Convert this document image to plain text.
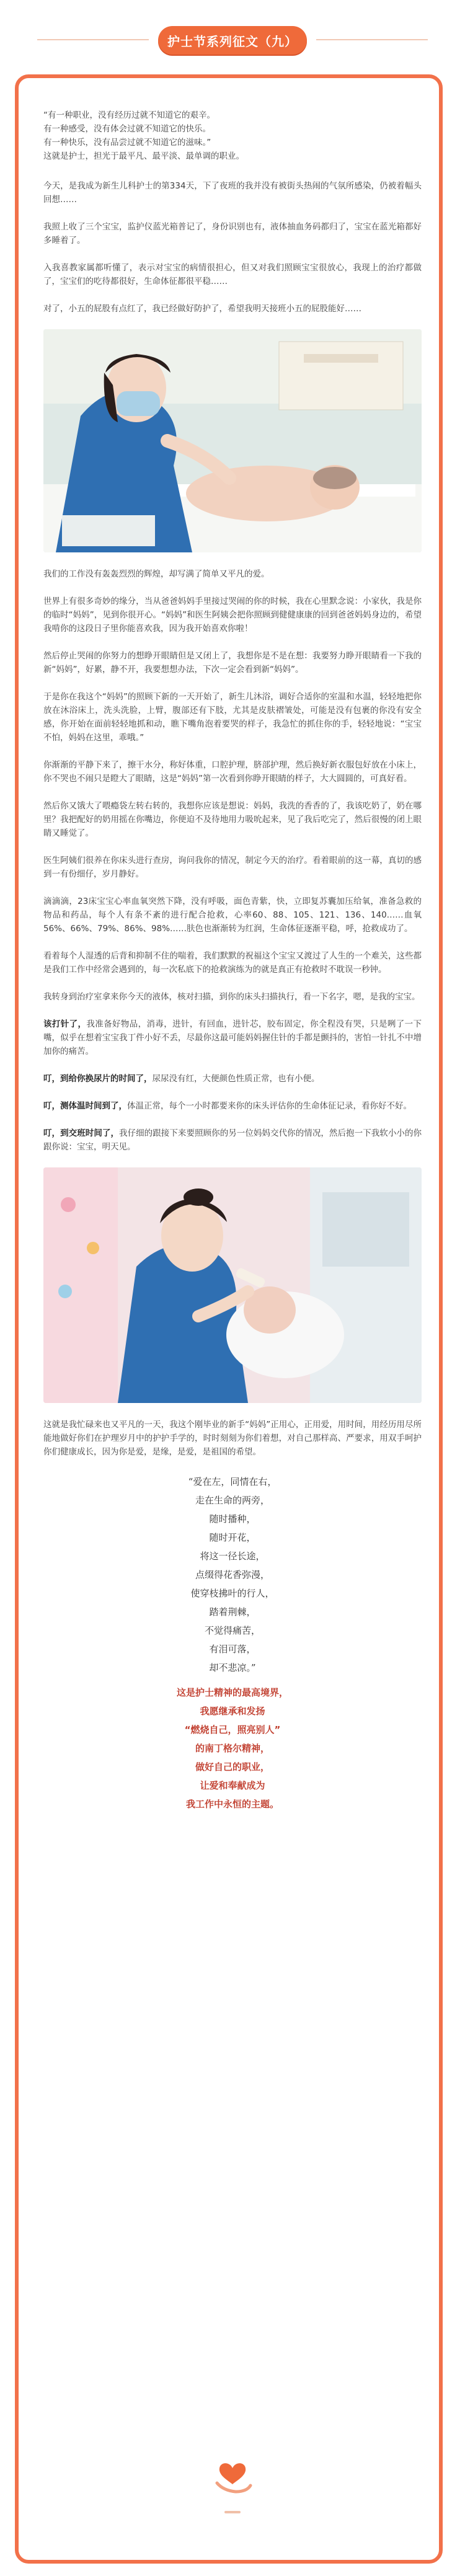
护士节系列征文（九）

“有一种职业，没有经历过就不知道它的艰辛。

有一种感受，没有体会过就不知道它的快乐。

有一种快乐，没有品尝过就不知道它的滋味。”

这就是护士，担光于最平凡、最平淡、最单调的职业。

今天，是我成为新生儿科护士的第334天，下了夜班的我并没有被街头热闹的气氛所感染，仍被着幅头回想……

我照上收了三个宝宝，监护仪蓝光箱普记了，身份识别也有，液体抽血务码都归了，宝宝在蓝光箱都好多睡着了。

入我喜教家属都听懂了，表示对宝宝的病情很担心，但又对我们照顾宝宝很放心，我现上的治疗都做了，宝宝们的吃待都很好，生命体征都很平稳……

对了，小五的屁股有点红了，我已经做好防护了，希望我明天接班小五的屁股能好……

我们的工作没有轰轰烈烈的辉煌，却写满了简单又平凡的爱。

世界上有很多奇妙的缘分，当从爸爸妈妈手里接过哭闹的你的时候，我在心里默念说：小家伙，我是你的临时“妈妈”，见到你很开心。“妈妈”和医生阿姨会把你照顾到健健康康的回到爸爸妈妈身边的，希望我啃你的这段日子里你能喜欢我，因为我开始喜欢你啦！

然后停止哭闹的你努力的想睁开眼睛但是又闭上了，我想你是不是在想：我要努力睁开眼睛看一下我的新“妈妈”，好累，静不开，我要想想办法，下次一定会看到新“妈妈”。

于是你在我这个“妈妈”的照顾下新的一天开始了，新生儿沐浴，调好合适你的室温和水温，轻轻地把你放在沐浴床上，洗头洗脸，上臂，腹部还有下肢，尤其是皮肤褶皱处，可能是没有包裹的你没有安全感，你开始在面前轻轻地抓和动，瞧下嘴角泡着要哭的样子，我急忙的抓住你的手，轻轻地说：“宝宝不怕，妈妈在这里，乖哦。”

你渐渐的平静下来了，擦干水分，称好体重，口腔护理，脐部护理，然后换好新衣服包好放在小床上，你不哭也不闹只是瞪大了眼睛，这是“妈妈”第一次看到你睁开眼睛的样子，大大圆圆的，可真好看。

然后你又饿大了喂瘾袋左转右转的，我想你应该是想说：妈妈，我洗的香香的了，我该吃奶了，奶在哪里？我把配好的奶用摇在你嘴边，你便迫不及待地用力吸吮起来，见了我后吃完了，然后很慢的闭上眼睛又睡觉了。

医生阿姨们很养在你床头进行查房，询问我你的情况，制定今天的治疗。看着眼前的这一幕，真切的感到一有份细仔，岁月静好。

滴滴滴，23床宝宝心率血氧突然下降，没有呼吸，面色青紫，快，立即复苏囊加压给氧，准备急救的物品和药品，每个人有条不紊的进行配合抢救，心率60、88、105、121、136、140……血氧56%、66%、79%、86%、98%……肤色也渐渐转为红润，生命体征逐渐平稳，呼，抢救成功了。

看着每个人湿透的后背和抑制不住的喘着，我们默默的祝福这个宝宝又渡过了人生的一个难关，这些都是我们工作中经常会遇到的，每一次私底下的抢救演练为的就是真正有抢救时不耽误一秒钟。

我转身到治疗室拿来你今天的液体，核对扫描，到你的床头扫描执行，看一下名字，嗯，是我的宝宝。

该打针了，我准备好物品，消毒，进针，有回血，进针芯，胶布固定，你全程没有哭，只是咧了一下嘴，似乎在想着宝宝我丁件小好不丢，尽最你这最可能妈妈握住针的手都是颤抖的，害怕一针扎不中增加你的痛苦。

叮，到给你换尿片的时间了，尿尿没有红，大便颜色性质正常，也有小便。

叮，测体温时间到了，体温正常，每个一小时都要来你的床头评估你的生命体征记录，看你好不好。

叮，到交班时间了，我仔细的跟接下来要照顾你的另一位妈妈交代你的情况，然后抱一下我软小小的你跟你说：宝宝，明天见。

这就是我忙碌来也又平凡的一天，我这个刚毕业的新手“妈妈”正用心，正用爱，用时间，用经历用尽所能地做好你们在护理岁月中的护护手学的，时时刻刻为你们着想，对自己那样高、严要求，用双手呵护你们健康成长，因为你是爱，是缘，是爱，是祖国的希望。

“爱在左，同情在右，
走在生命的两旁，
随时播种，
随时开花，
将这一径长途，
点缀得花香弥漫，
使穿枝拂叶的行人，
踏着荆棘，
不觉得痛苦，
有泪可落，
却不悲凉。”
这是护士精神的最高境界，
我愿继承和发扬
“燃烧自己，照亮别人”
的南丁格尔精神，
做好自己的职业，
让爱和奉献成为
我工作中永恒的主题。
